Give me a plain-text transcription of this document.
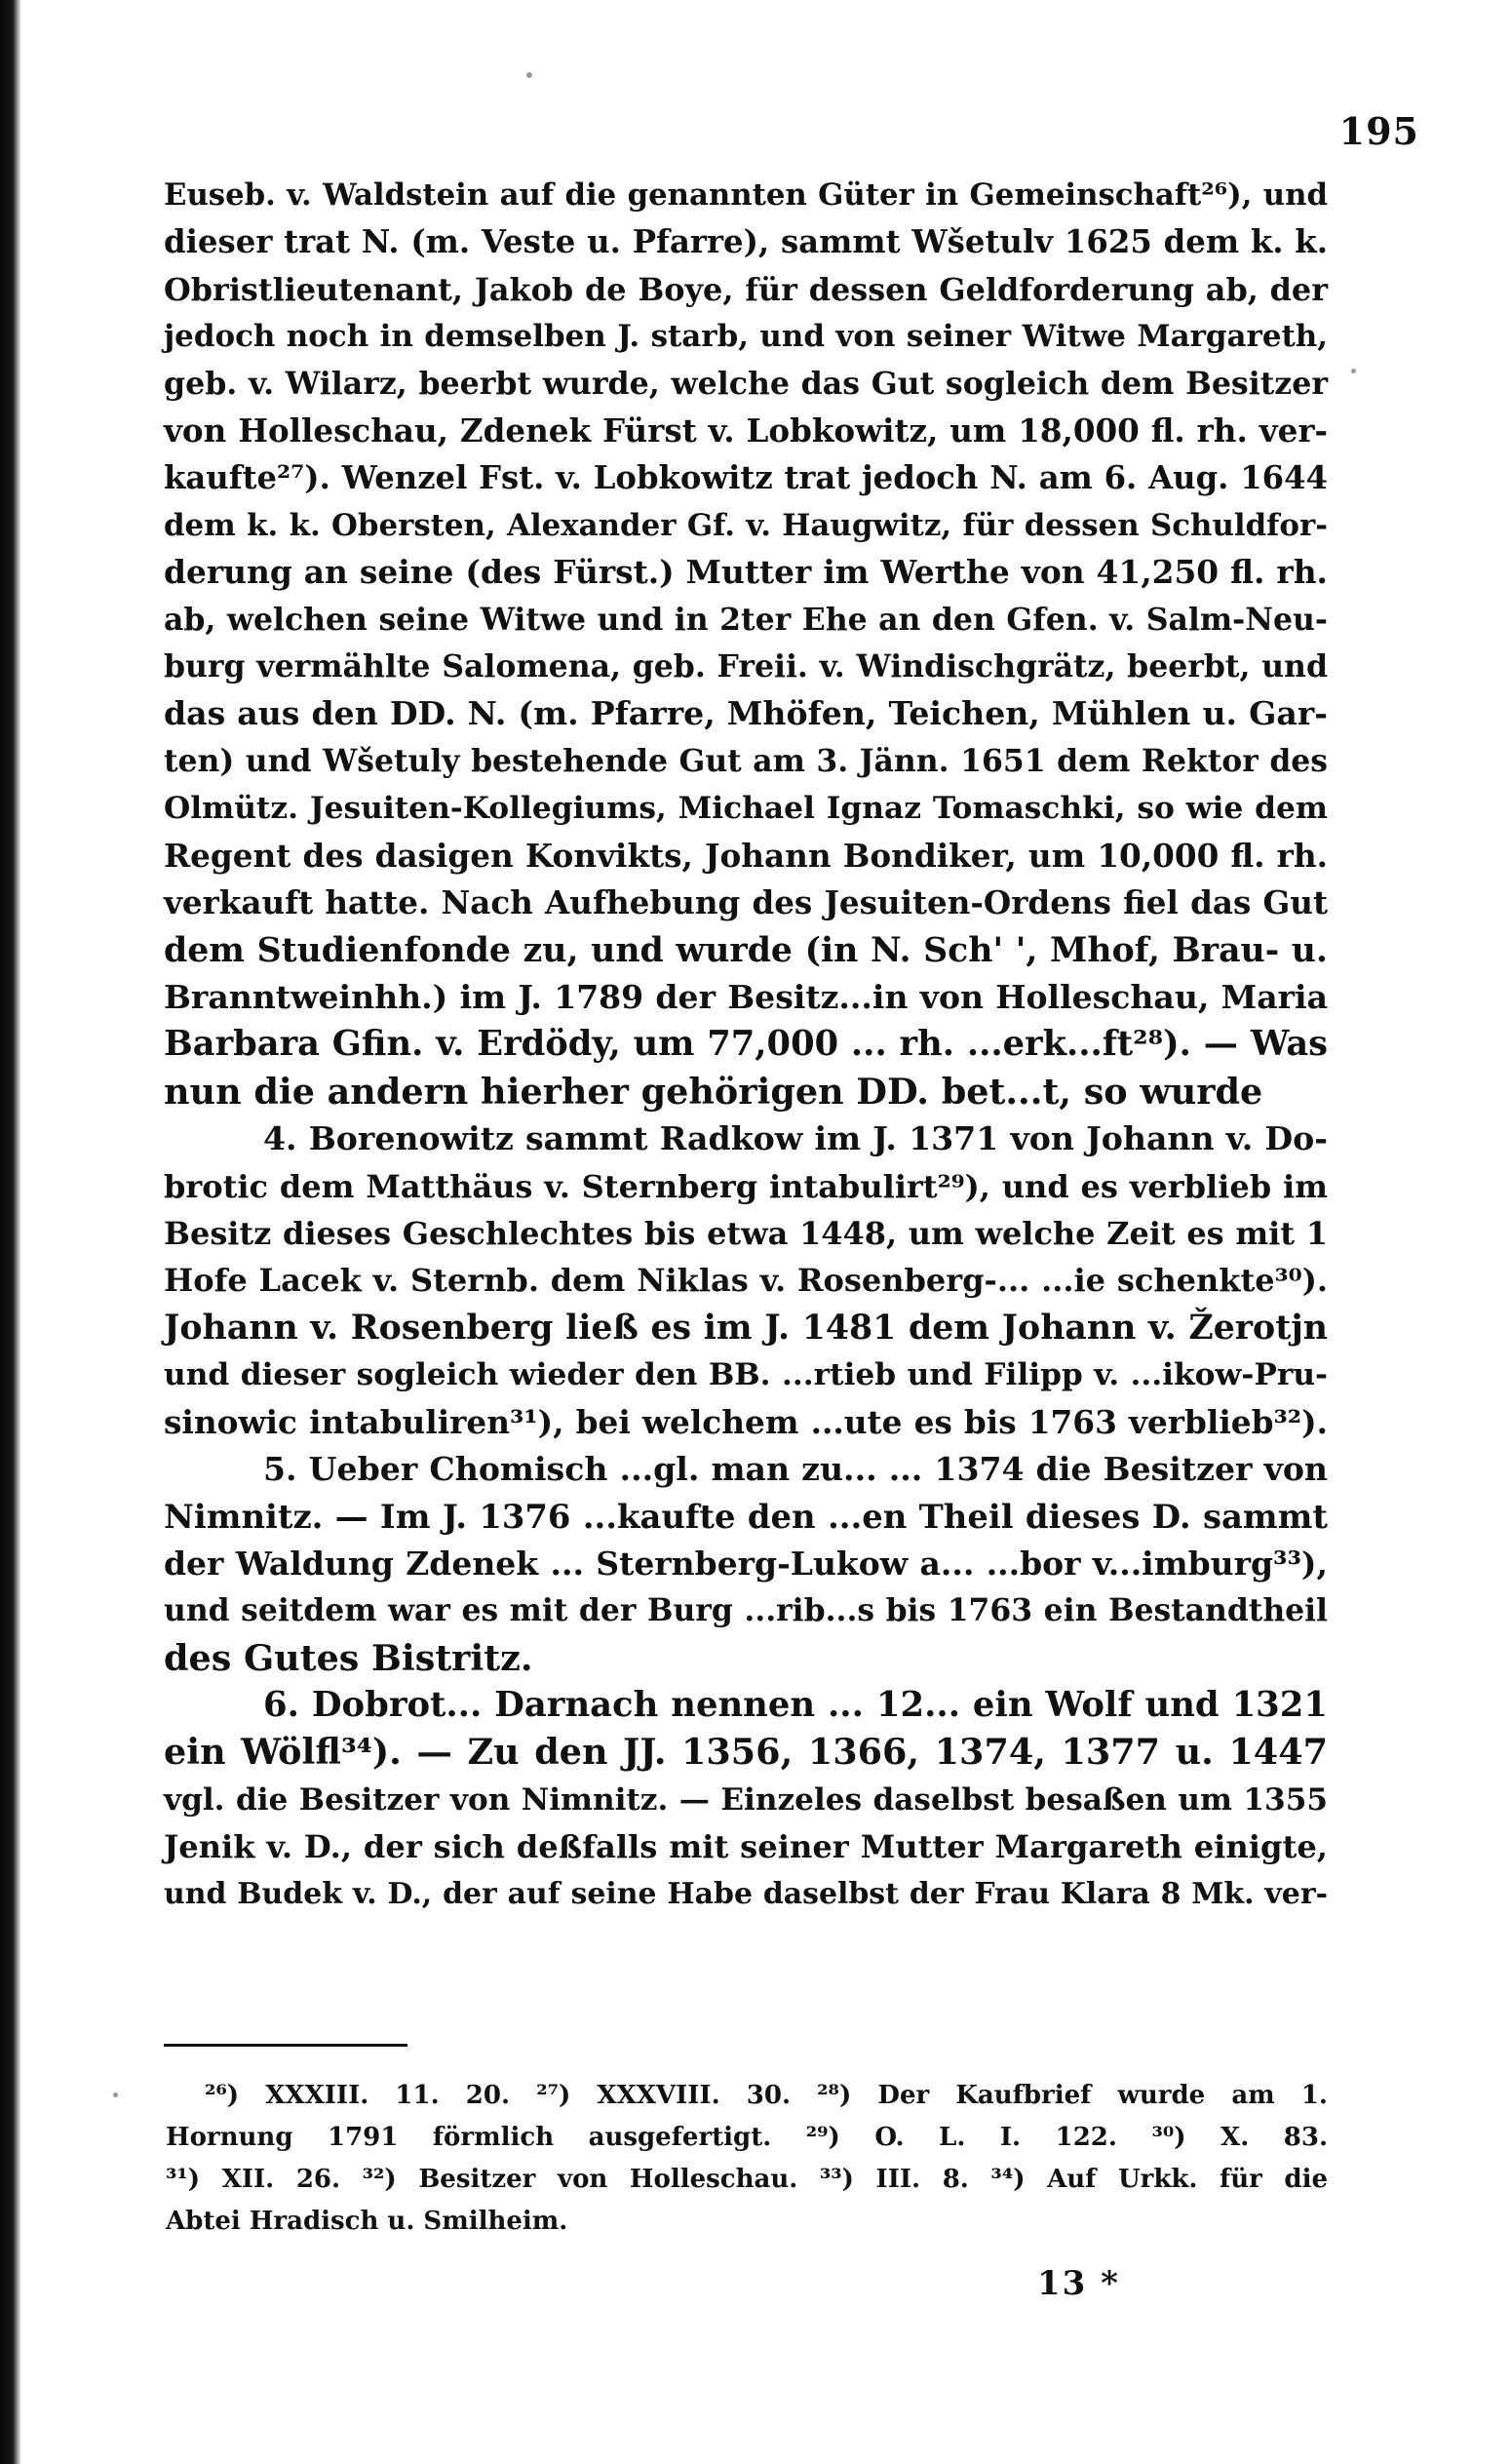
195
Euseb. v. Waldstein auf die genannten Güter in Gemeinschaft²⁶), und
dieser trat N. (m. Veste u. Pfarre), sammt Wšetulv 1625 dem k. k.
Obristlieutenant, Jakob de Boye, für dessen Geldforderung ab, der
jedoch noch in demselben J. starb, und von seiner Witwe Margareth,
geb. v. Wilarz, beerbt wurde, welche das Gut sogleich dem Besitzer
von Holleschau, Zdenek Fürst v. Lobkowitz, um 18,000 fl. rh. ver-
kaufte²⁷). Wenzel Fst. v. Lobkowitz trat jedoch N. am 6. Aug. 1644
dem k. k. Obersten, Alexander Gf. v. Haugwitz, für dessen Schuldfor-
derung an seine (des Fürst.) Mutter im Werthe von 41,250 fl. rh.
ab, welchen seine Witwe und in 2ter Ehe an den Gfen. v. Salm-Neu-
burg vermählte Salomena, geb. Freii. v. Windischgrätz, beerbt, und
das aus den DD. N. (m. Pfarre, Mhöfen, Teichen, Mühlen u. Gar-
ten) und Wšetuly bestehende Gut am 3. Jänn. 1651 dem Rektor des
Olmütz. Jesuiten-Kollegiums, Michael Ignaz Tomaschki, so wie dem
Regent des dasigen Konvikts, Johann Bondiker, um 10,000 fl. rh.
verkauft hatte. Nach Aufhebung des Jesuiten-Ordens fiel das Gut
dem Studienfonde zu, und wurde (in N. Sch' ', Mhof, Brau- u.
Branntweinhh.) im J. 1789 der Besitz...in von Holleschau, Maria
Barbara Gfin. v. Erdödy, um 77,000 ... rh. ...erk...ft²⁸). — Was
nun die andern hierher gehörigen DD. bet...t, so wurde
4. Borenowitz sammt Radkow im J. 1371 von Johann v. Do-
brotic dem Matthäus v. Sternberg intabulirt²⁹), und es verblieb im
Besitz dieses Geschlechtes bis etwa 1448, um welche Zeit es mit 1
Hofe Lacek v. Sternb. dem Niklas v. Rosenberg-... ...ie schenkte³⁰).
Johann v. Rosenberg ließ es im J. 1481 dem Johann v. Žerotjn
und dieser sogleich wieder den BB. ...rtieb und Filipp v. ...ikow-Pru-
sinowic intabuliren³¹), bei welchem ...ute es bis 1763 verblieb³²).
5. Ueber Chomisch ...gl. man zu... ... 1374 die Besitzer von
Nimnitz. — Im J. 1376 ...kaufte den ...en Theil dieses D. sammt
der Waldung Zdenek ... Sternberg-Lukow a... ...bor v...imburg³³),
und seitdem war es mit der Burg ...rib...s bis 1763 ein Bestandtheil
des Gutes Bistritz.
6. Dobrot... Darnach nennen ... 12... ein Wolf und 1321
ein Wölfl³⁴). — Zu den JJ. 1356, 1366, 1374, 1377 u. 1447
vgl. die Besitzer von Nimnitz. — Einzeles daselbst besaßen um 1355
Jenik v. D., der sich deßfalls mit seiner Mutter Margareth einigte,
und Budek v. D., der auf seine Habe daselbst der Frau Klara 8 Mk. ver-
²⁶) XXXIII. 11. 20. ²⁷) XXXVIII. 30. ²⁸) Der Kaufbrief wurde am 1.
Hornung 1791 förmlich ausgefertigt. ²⁹) O. L. I. 122. ³⁰) X. 83.
³¹) XII. 26. ³²) Besitzer von Holleschau. ³³) III. 8. ³⁴) Auf Urkk. für die
Abtei Hradisch u. Smilheim.
13 *
